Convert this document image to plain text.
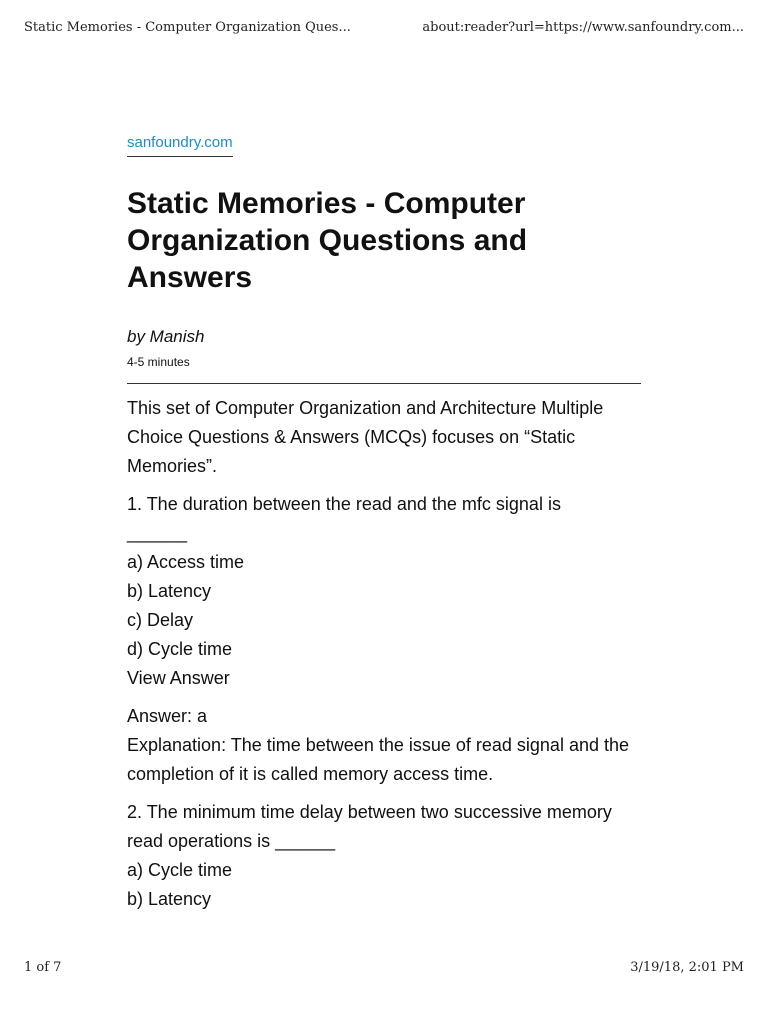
Static Memories - Computer Organization Ques...	about:reader?url=https://www.sanfoundry.com...
sanfoundry.com
Static Memories - Computer Organization Questions and Answers
by Manish
4-5 minutes

This set of Computer Organization and Architecture Multiple Choice Questions & Answers (MCQs) focuses on “Static Memories”.

1. The duration between the read and the mfc signal is
______
a) Access time
b) Latency
c) Delay
d) Cycle time
View Answer

Answer: a
Explanation: The time between the issue of read signal and the completion of it is called memory access time.

2. The minimum time delay between two successive memory read operations is ______
a) Cycle time
b) Latency

1 of 7	3/19/18, 2:01 PM
